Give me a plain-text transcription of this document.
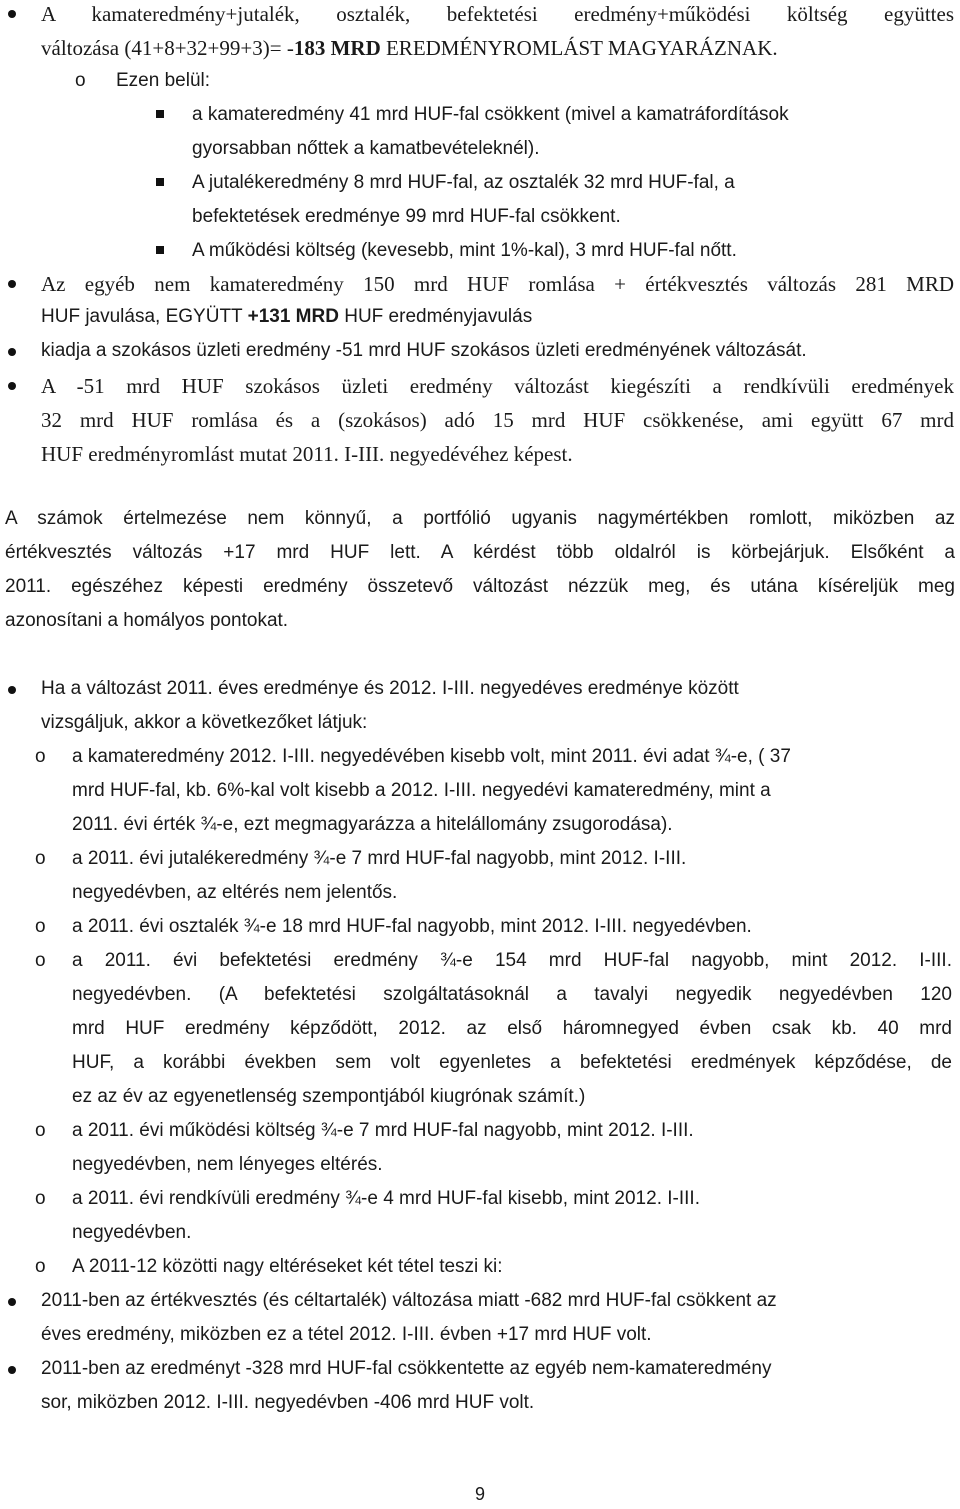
A kamateredmény+jutalék, osztalék, befektetési eredmény+működési költség együttes
változása (41+8+32+99+3)= -183 MRD EREDMÉNYROMLÁST MAGYARÁZNAK.
o Ezen belül:
a kamateredmény 41 mrd HUF-fal csökkent (mivel a kamatráfordítások
gyorsabban nőttek a kamatbevételeknél).
A jutalékeredmény 8 mrd HUF-fal, az osztalék 32 mrd HUF-fal, a
befektetések eredménye 99 mrd HUF-fal csökkent.
A működési költség (kevesebb, mint 1%-kal), 3 mrd HUF-fal nőtt.
Az egyéb nem kamateredmény 150 mrd HUF romlása + értékvesztés változás 281 MRD
HUF javulása, EGYÜTT +131 MRD HUF eredményjavulás
kiadja a szokásos üzleti eredmény -51 mrd HUF szokásos üzleti eredményének változását.
A -51 mrd HUF szokásos üzleti eredmény változást kiegészíti a rendkívüli eredmények
32 mrd HUF romlása és a (szokásos) adó 15 mrd HUF csökkenése, ami együtt 67 mrd
HUF eredményromlást mutat 2011. I-III. negyedévéhez képest.
A számok értelmezése nem könnyű, a portfólió ugyanis nagymértékben romlott, miközben az
értékvesztés változás +17 mrd HUF lett. A kérdést több oldalról is körbejárjuk. Elsőként a
2011. egészéhez képesti eredmény összetevő változást nézzük meg, és utána kíséreljük meg
azonosítani a homályos pontokat.
Ha a változást 2011. éves eredménye és 2012. I-III. negyedéves eredménye között
vizsgáljuk, akkor a következőket látjuk:
o a kamateredmény 2012. I-III. negyedévében kisebb volt, mint 2011. évi adat ¾-e, ( 37
mrd HUF-fal, kb. 6%-kal volt kisebb a 2012. I-III. negyedévi kamateredmény, mint a
2011. évi érték ¾-e, ezt megmagyarázza a hitelállomány zsugorodása).
o a 2011. évi jutalékeredmény ¾-e 7 mrd HUF-fal nagyobb, mint 2012. I-III.
negyedévben, az eltérés nem jelentős.
o a 2011. évi osztalék ¾-e 18 mrd HUF-fal nagyobb, mint 2012. I-III. negyedévben.
o a 2011. évi befektetési eredmény ¾-e 154 mrd HUF-fal nagyobb, mint 2012. I-III.
negyedévben. (A befektetési szolgáltatásoknál a tavalyi negyedik negyedévben 120
mrd HUF eredmény képződött, 2012. az első háromnegyed évben csak kb. 40 mrd
HUF, a korábbi években sem volt egyenletes a befektetési eredmények képződése, de
ez az év az egyenetlenség szempontjából kiugrónak számít.)
o a 2011. évi működési költség ¾-e 7 mrd HUF-fal nagyobb, mint 2012. I-III.
negyedévben, nem lényeges eltérés.
o a 2011. évi rendkívüli eredmény ¾-e 4 mrd HUF-fal kisebb, mint 2012. I-III.
negyedévben.
o A 2011-12 közötti nagy eltéréseket két tétel teszi ki:
2011-ben az értékvesztés (és céltartalék) változása miatt -682 mrd HUF-fal csökkent az
éves eredmény, miközben ez a tétel 2012. I-III. évben +17 mrd HUF volt.
2011-ben az eredményt -328 mrd HUF-fal csökkentette az egyéb nem-kamateredmény
sor, miközben 2012. I-III. negyedévben -406 mrd HUF volt.
9
